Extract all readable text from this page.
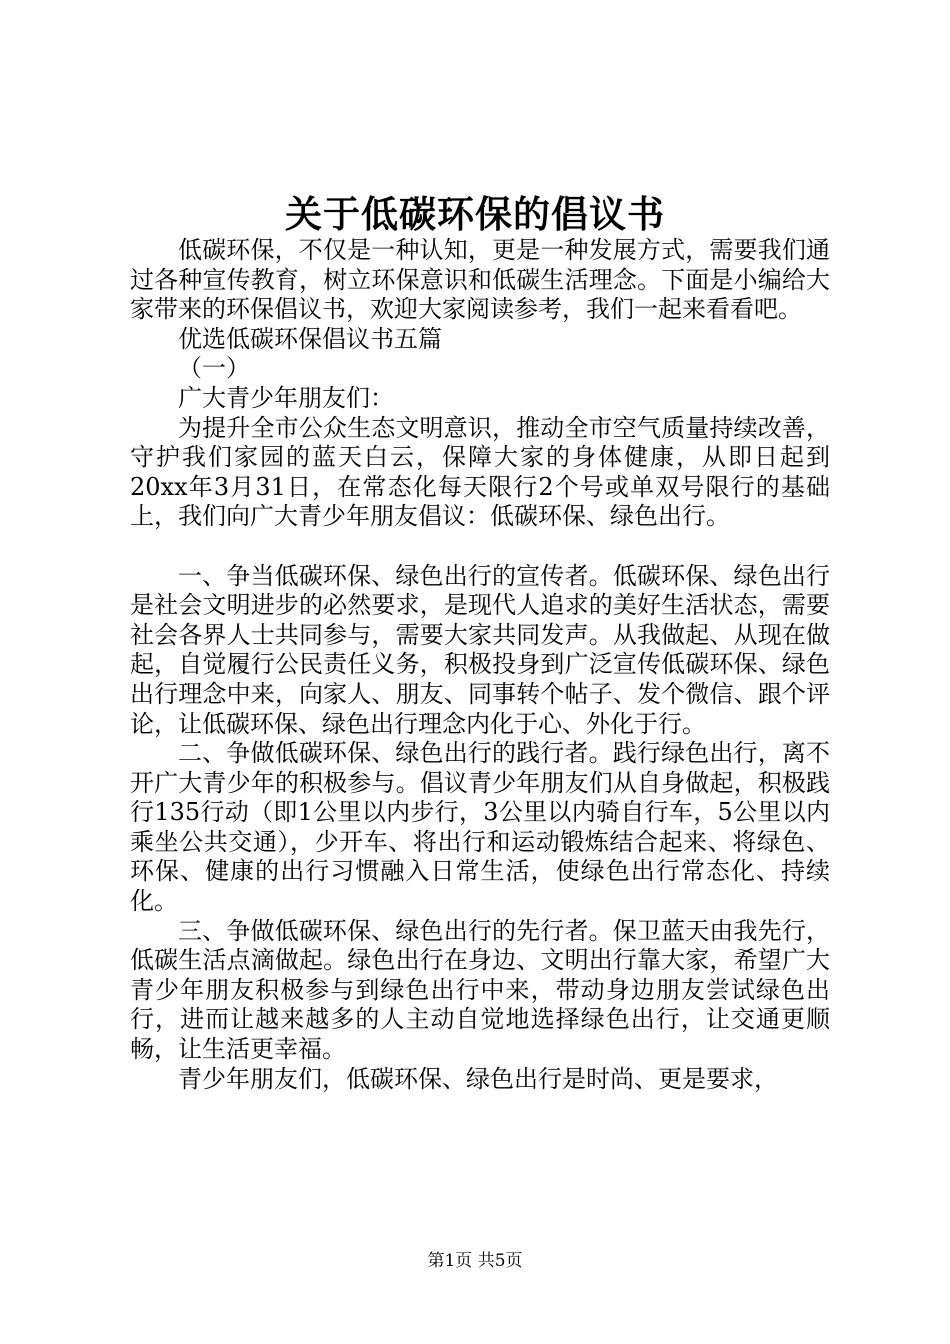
关于低碳环保的倡议书

低碳环保，不仅是一种认知，更是一种发展方式，需要我们通过各种宣传教育，树立环保意识和低碳生活理念。下面是小编给大家带来的环保倡议书，欢迎大家阅读参考，我们一起来看看吧。

优选低碳环保倡议书五篇

（一）

广大青少年朋友们：

为提升全市公众生态文明意识，推动全市空气质量持续改善，守护我们家园的蓝天白云，保障大家的身体健康，从即日起到20xx年3月31日，在常态化每天限行2个号或单双号限行的基础上，我们向广大青少年朋友倡议：低碳环保、绿色出行。

一、争当低碳环保、绿色出行的宣传者。低碳环保、绿色出行是社会文明进步的必然要求，是现代人追求的美好生活状态，需要社会各界人士共同参与，需要大家共同发声。从我做起、从现在做起，自觉履行公民责任义务，积极投身到广泛宣传低碳环保、绿色出行理念中来，向家人、朋友、同事转个帖子、发个微信、跟个评论，让低碳环保、绿色出行理念内化于心、外化于行。

二、争做低碳环保、绿色出行的践行者。践行绿色出行，离不开广大青少年的积极参与。倡议青少年朋友们从自身做起，积极践行135行动（即1公里以内步行，3公里以内骑自行车，5公里以内乘坐公共交通），少开车、将出行和运动锻炼结合起来、将绿色、环保、健康的出行习惯融入日常生活，使绿色出行常态化、持续化。

三、争做低碳环保、绿色出行的先行者。保卫蓝天由我先行，低碳生活点滴做起。绿色出行在身边、文明出行靠大家，希望广大青少年朋友积极参与到绿色出行中来，带动身边朋友尝试绿色出行，进而让越来越多的人主动自觉地选择绿色出行，让交通更顺畅，让生活更幸福。

青少年朋友们，低碳环保、绿色出行是时尚、更是要求，

第1页 共5页
